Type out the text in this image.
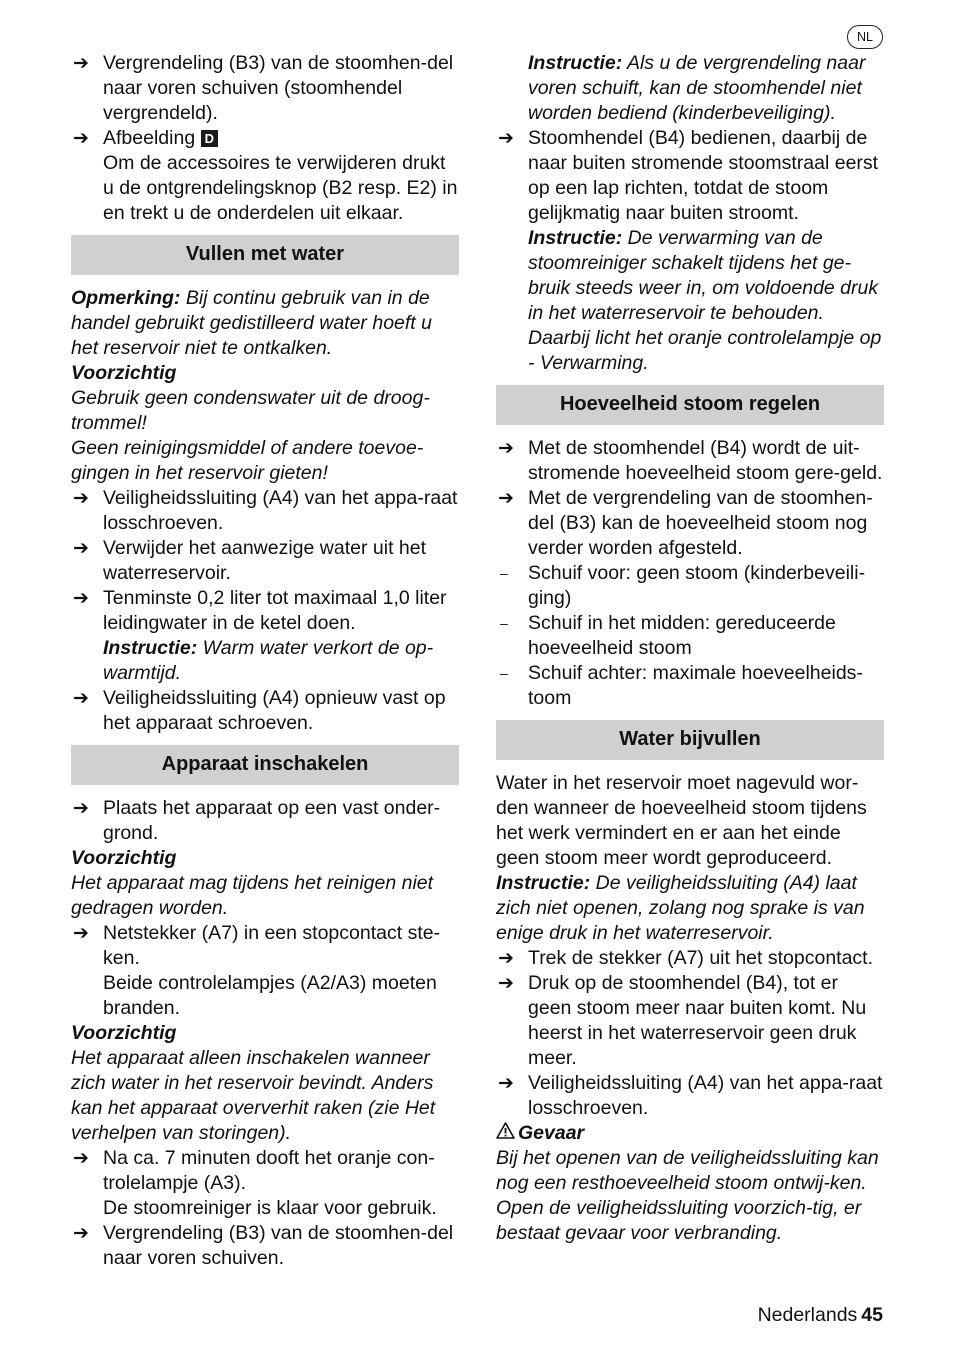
NL

➔ Vergrendeling (B3) van de stoomhen-del naar voren schuiven (stoomhendel vergrendeld).

➔ Afbeelding D

Om de accessoires te verwijderen drukt u de ontgrendelingsknop (B2 resp. E2) in en trekt u de onderdelen uit elkaar.

Vullen met water

Opmerking: Bij continu gebruik van in de handel gebruikt gedistilleerd water hoeft u het reservoir niet te ontkalken.

Voorzichtig

Gebruik geen condenswater uit de droog-trommel!

Geen reinigingsmiddel of andere toevoe-gingen in het reservoir gieten!

➔ Veiligheidssluiting (A4) van het appa-raat losschroeven.

➔ Verwijder het aanwezige water uit het waterreservoir.

➔ Tenminste 0,2 liter tot maximaal 1,0 liter leidingwater in de ketel doen.

Instructie: Warm water verkort de op-warmtijd.

➔ Veiligheidssluiting (A4) opnieuw vast op het apparaat schroeven.

Apparaat inschakelen

➔ Plaats het apparaat op een vast onder-grond.

Voorzichtig

Het apparaat mag tijdens het reinigen niet gedragen worden.

➔ Netstekker (A7) in een stopcontact ste-ken.

Beide controlelampjes (A2/A3) moeten branden.

Voorzichtig

Het apparaat alleen inschakelen wanneer zich water in het reservoir bevindt. Anders kan het apparaat oververhit raken (zie Het verhelpen van storingen).

➔ Na ca. 7 minuten dooft het oranje con-trolelampje (A3).

De stoomreiniger is klaar voor gebruik.

➔ Vergrendeling (B3) van de stoomhen-del naar voren schuiven.

Instructie: Als u de vergrendeling naar voren schuift, kan de stoomhendel niet worden bediend (kinderbeveiliging).

➔ Stoomhendel (B4) bedienen, daarbij de naar buiten stromende stoomstraal eerst op een lap richten, totdat de stoom gelijkmatig naar buiten stroomt.

Instructie: De verwarming van de stoomreiniger schakelt tijdens het ge-bruik steeds weer in, om voldoende druk in het waterreservoir te behouden. Daarbij licht het oranje controlelampje op - Verwarming.

Hoeveelheid stoom regelen

➔ Met de stoomhendel (B4) wordt de uit-stromende hoeveelheid stoom gere-geld.

➔ Met de vergrendeling van de stoomhen-del (B3) kan de hoeveelheid stoom nog verder worden afgesteld.

– Schuif voor: geen stoom (kinderbeveili-ging)

– Schuif in het midden: gereduceerde hoeveelheid stoom

– Schuif achter: maximale hoeveelheids-toom

Water bijvullen

Water in het reservoir moet nagevuld wor-den wanneer de hoeveelheid stoom tijdens het werk vermindert en er aan het einde geen stoom meer wordt geproduceerd.

Instructie: De veiligheidssluiting (A4) laat zich niet openen, zolang nog sprake is van enige druk in het waterreservoir.

➔ Trek de stekker (A7) uit het stopcontact.

➔ Druk op de stoomhendel (B4), tot er geen stoom meer naar buiten komt. Nu heerst in het waterreservoir geen druk meer.

➔ Veiligheidssluiting (A4) van het appa-raat losschroeven.

Gevaar

Bij het openen van de veiligheidssluiting kan nog een resthoeveelheid stoom ontwij-ken. Open de veiligheidssluiting voorzich-tig, er bestaat gevaar voor verbranding.

Nederlands 45
